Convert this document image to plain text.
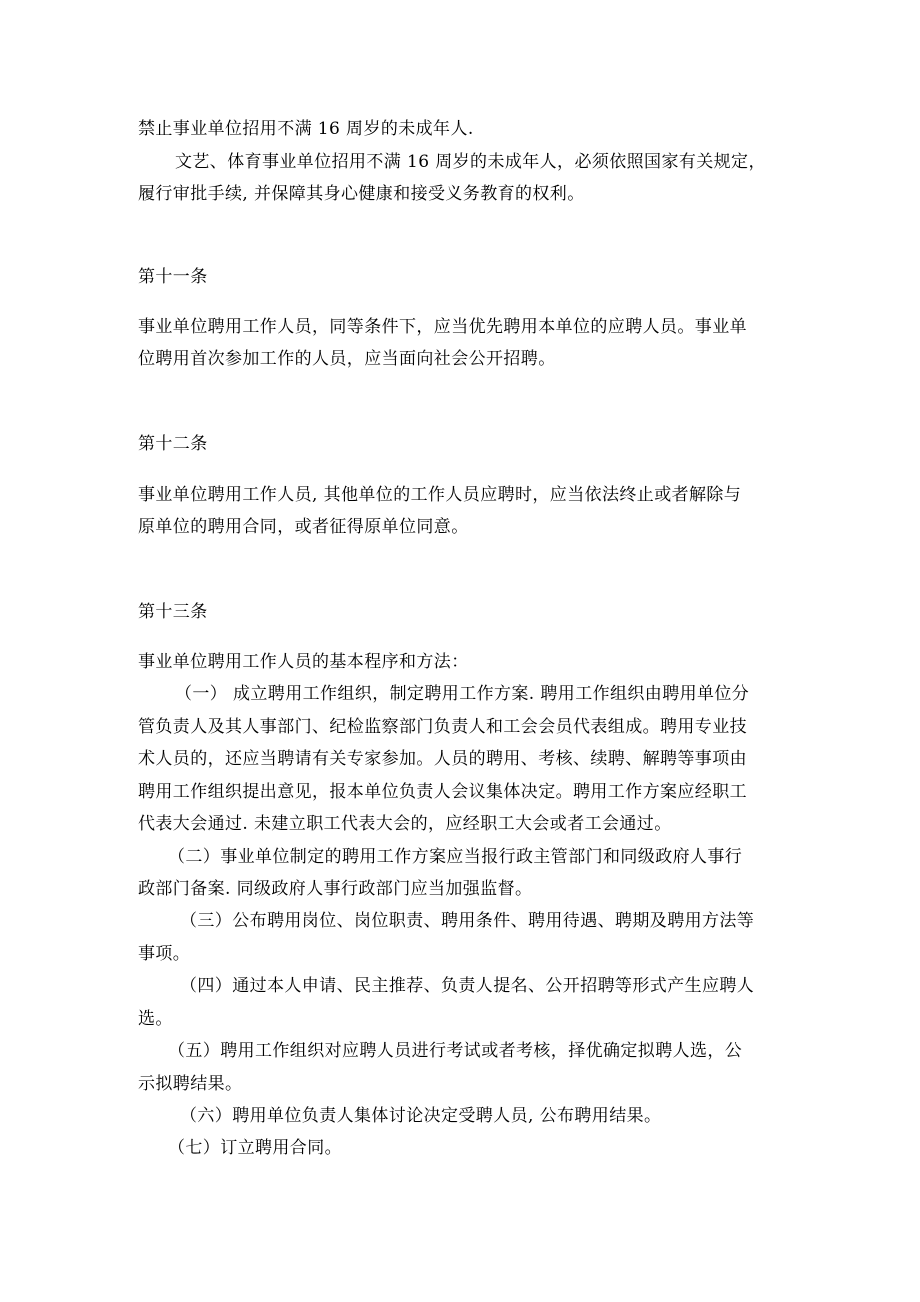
禁止事业单位招用不满 16 周岁的未成年人.
文艺、体育事业单位招用不满 16 周岁的未成年人，必须依照国家有关规定，
履行审批手续, 并保障其身心健康和接受义务教育的权利。
第十一条
事业单位聘用工作人员，同等条件下，应当优先聘用本单位的应聘人员。事业单
位聘用首次参加工作的人员，应当面向社会公开招聘。
第十二条
事业单位聘用工作人员, 其他单位的工作人员应聘时，应当依法终止或者解除与
原单位的聘用合同，或者征得原单位同意。
第十三条
事业单位聘用工作人员的基本程序和方法：
（一） 成立聘用工作组织，制定聘用工作方案. 聘用工作组织由聘用单位分
管负责人及其人事部门、纪检监察部门负责人和工会会员代表组成。聘用专业技
术人员的，还应当聘请有关专家参加。人员的聘用、考核、续聘、解聘等事项由
聘用工作组织提出意见，报本单位负责人会议集体决定。聘用工作方案应经职工
代表大会通过. 未建立职工代表大会的，应经职工大会或者工会通过。
（二）事业单位制定的聘用工作方案应当报行政主管部门和同级政府人事行
政部门备案. 同级政府人事行政部门应当加强监督。
（三）公布聘用岗位、岗位职责、聘用条件、聘用待遇、聘期及聘用方法等
事项。
（四）通过本人申请、民主推荐、负责人提名、公开招聘等形式产生应聘人
选。
（五）聘用工作组织对应聘人员进行考试或者考核，择优确定拟聘人选，公
示拟聘结果。
（六）聘用单位负责人集体讨论决定受聘人员, 公布聘用结果。
（七）订立聘用合同。
